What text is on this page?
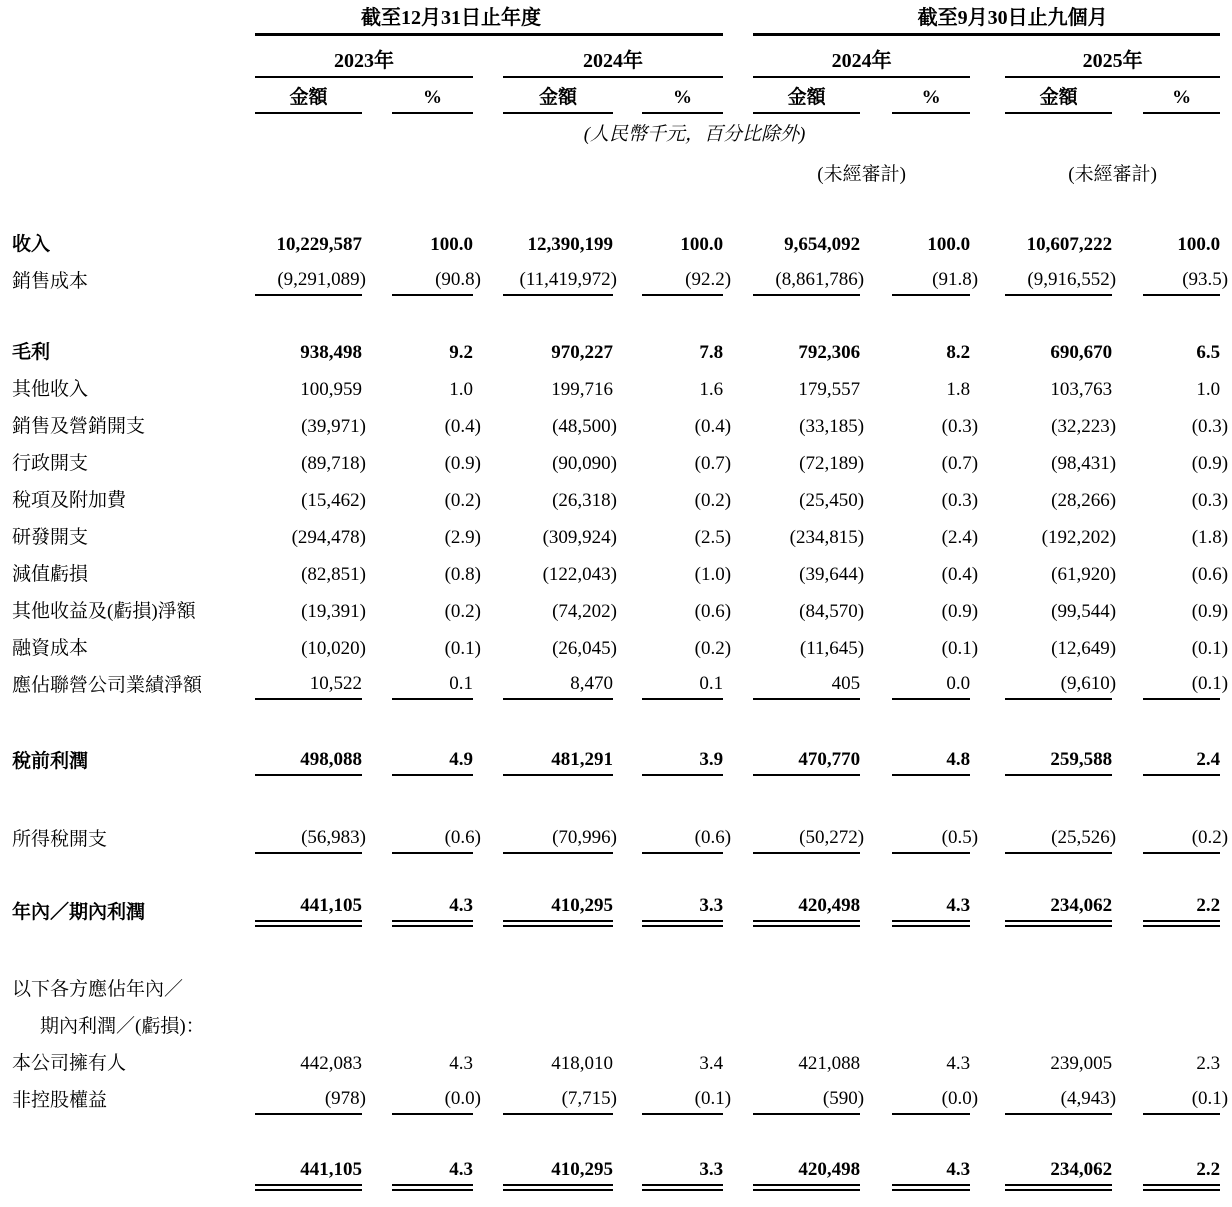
	截至12月31日止年度								截至9月30日止九個月							
	2023年				2024年				2024年				2025年			
	金額		%		金額		%		金額		%		金額		%	
	(人民幣千元，百分比除外)															
									(未經審計)				(未經審計)			

收入	10,229,587		100.0		12,390,199		100.0		9,654,092		100.0		10,607,222		100.0	
銷售成本	(9,291,089)		(90.8)		(11,419,972)		(92.2)		(8,861,786)		(91.8)		(9,916,552)		(93.5)	

毛利	938,498		9.2		970,227		7.8		792,306		8.2		690,670		6.5	
其他收入	100,959		1.0		199,716		1.6		179,557		1.8		103,763		1.0	
銷售及營銷開支	(39,971)		(0.4)		(48,500)		(0.4)		(33,185)		(0.3)		(32,223)		(0.3)	
行政開支	(89,718)		(0.9)		(90,090)		(0.7)		(72,189)		(0.7)		(98,431)		(0.9)	
稅項及附加費	(15,462)		(0.2)		(26,318)		(0.2)		(25,450)		(0.3)		(28,266)		(0.3)	
研發開支	(294,478)		(2.9)		(309,924)		(2.5)		(234,815)		(2.4)		(192,202)		(1.8)	
減值虧損	(82,851)		(0.8)		(122,043)		(1.0)		(39,644)		(0.4)		(61,920)		(0.6)	
其他收益及(虧損)淨額	(19,391)		(0.2)		(74,202)		(0.6)		(84,570)		(0.9)		(99,544)		(0.9)	
融資成本	(10,020)		(0.1)		(26,045)		(0.2)		(11,645)		(0.1)		(12,649)		(0.1)	
應佔聯營公司業績淨額	10,522		0.1		8,470		0.1		405		0.0		(9,610)		(0.1)	

稅前利潤	498,088		4.9		481,291		3.9		470,770		4.8		259,588		2.4	

所得稅開支	(56,983)		(0.6)		(70,996)		(0.6)		(50,272)		(0.5)		(25,526)		(0.2)	

年內／期內利潤	441,105		4.3		410,295		3.3		420,498		4.3		234,062		2.2	

以下各方應佔年內／																
期內利潤／(虧損)：																
本公司擁有人	442,083		4.3		418,010		3.4		421,088		4.3		239,005		2.3	
非控股權益	(978)		(0.0)		(7,715)		(0.1)		(590)		(0.0)		(4,943)		(0.1)	

	441,105		4.3		410,295		3.3		420,498		4.3		234,062		2.2	
